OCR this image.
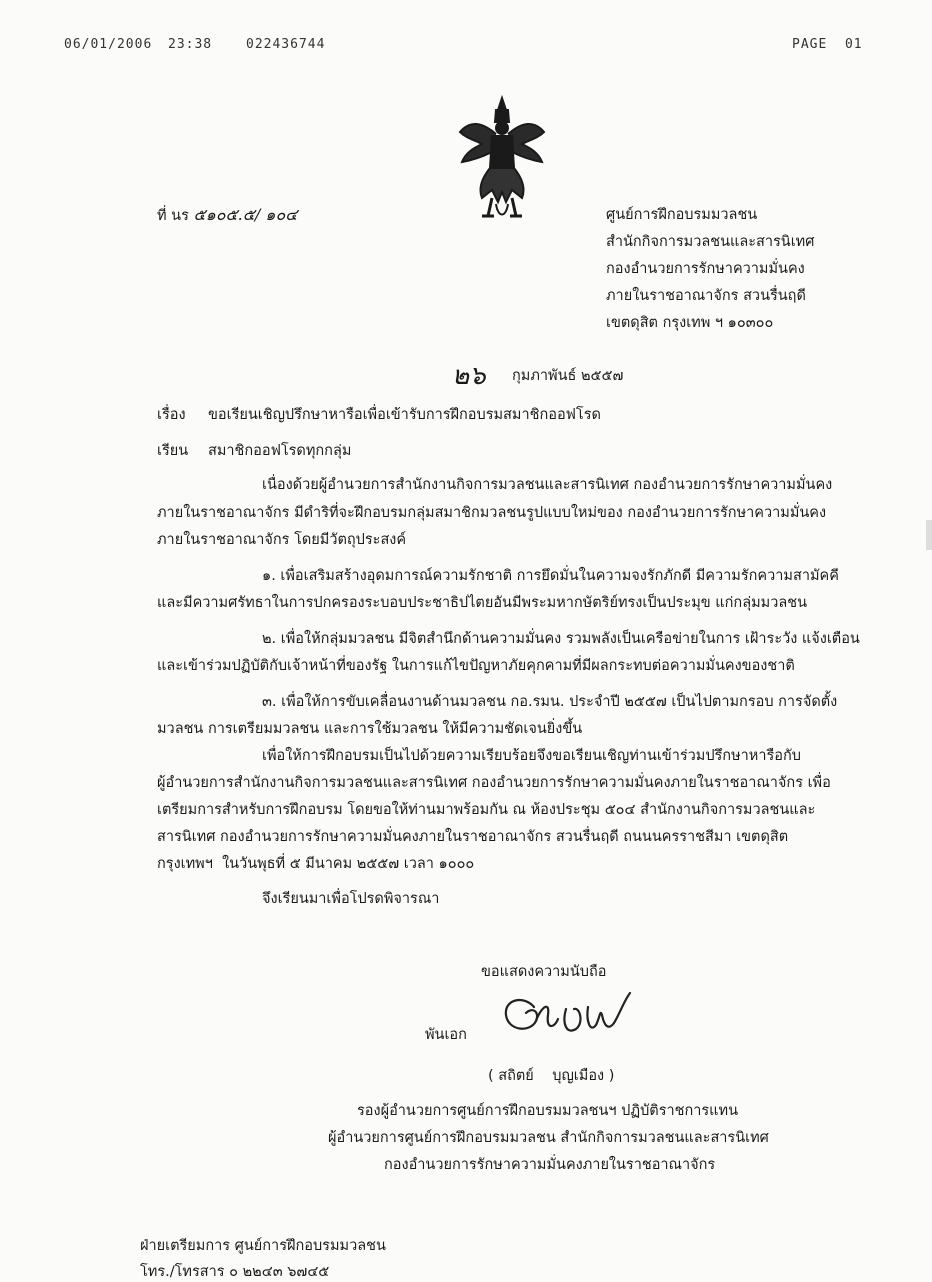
06/01/2006 23:38	022436744	PAGE  01
ที่ นร ๕๑๐๕.๕/ ๑๐๔	ศูนย์การฝึกอบรมมวลชน
สำนักกิจการมวลชนและสารนิเทศ
กองอำนวยการรักษาความมั่นคง
ภายในราชอาณาจักร สวนรื่นฤดี
เขตดุสิต กรุงเทพ ฯ ๑๐๓๐๐
๒๖ กุมภาพันธ์ ๒๕๕๗
เรื่อง ขอเรียนเชิญปรึกษาหารือเพื่อเข้ารับการฝึกอบรมสมาชิกออฟโรด
เรียน สมาชิกออฟโรดทุกกลุ่ม
เนื่องด้วยผู้อำนวยการสำนักงานกิจการมวลชนและสารนิเทศ กองอำนวยการรักษาความมั่นคง
ภายในราชอาณาจักร มีดำริที่จะฝึกอบรมกลุ่มสมาชิกมวลชนรูปแบบใหม่ของ กองอำนวยการรักษาความมั่นคง
ภายในราชอาณาจักร โดยมีวัตถุประสงค์
๑. เพื่อเสริมสร้างอุดมการณ์ความรักชาติ การยึดมั่นในความจงรักภักดี มีความรักความสามัคคี
และมีความศรัทธาในการปกครองระบอบประชาธิปไตยอันมีพระมหากษัตริย์ทรงเป็นประมุข แก่กลุ่มมวลชน
๒. เพื่อให้กลุ่มมวลชน มีจิตสำนึกด้านความมั่นคง รวมพลังเป็นเครือข่ายในการ เฝ้าระวัง แจ้งเตือน
และเข้าร่วมปฏิบัติกับเจ้าหน้าที่ของรัฐ ในการแก้ไขปัญหาภัยคุกคามที่มีผลกระทบต่อความมั่นคงของชาติ
๓. เพื่อให้การขับเคลื่อนงานด้านมวลชน กอ.รมน. ประจำปี ๒๕๕๗ เป็นไปตามกรอบ การจัดตั้ง
มวลชน การเตรียมมวลชน และการใช้มวลชน ให้มีความชัดเจนยิ่งขึ้น
เพื่อให้การฝึกอบรมเป็นไปด้วยความเรียบร้อยจึงขอเรียนเชิญท่านเข้าร่วมปรึกษาหารือกับ
ผู้อำนวยการสำนักงานกิจการมวลชนและสารนิเทศ กองอำนวยการรักษาความมั่นคงภายในราชอาณาจักร เพื่อ
เตรียมการสำหรับการฝึกอบรม โดยขอให้ท่านมาพร้อมกัน ณ ห้องประชุม ๕๐๔ สำนักงานกิจการมวลชนและ
สารนิเทศ กองอำนวยการรักษาความมั่นคงภายในราชอาณาจักร สวนรื่นฤดี ถนนนครราชสีมา เขตดุสิต
กรุงเทพฯ  ในวันพุธที่ ๕ มีนาคม ๒๕๕๗ เวลา ๑๐๐๐
จึงเรียนมาเพื่อโปรดพิจารณา
ขอแสดงความนับถือ
พันเอก
( สถิตย์    บุญเมือง )
รองผู้อำนวยการศูนย์การฝึกอบรมมวลชนฯ ปฏิบัติราชการแทน
ผู้อำนวยการศูนย์การฝึกอบรมมวลชน สำนักกิจการมวลชนและสารนิเทศ
กองอำนวยการรักษาความมั่นคงภายในราชอาณาจักร
ฝ่ายเตรียมการ ศูนย์การฝึกอบรมมวลชน
โทร./โทรสาร ๐ ๒๒๔๓ ๖๗๔๕
